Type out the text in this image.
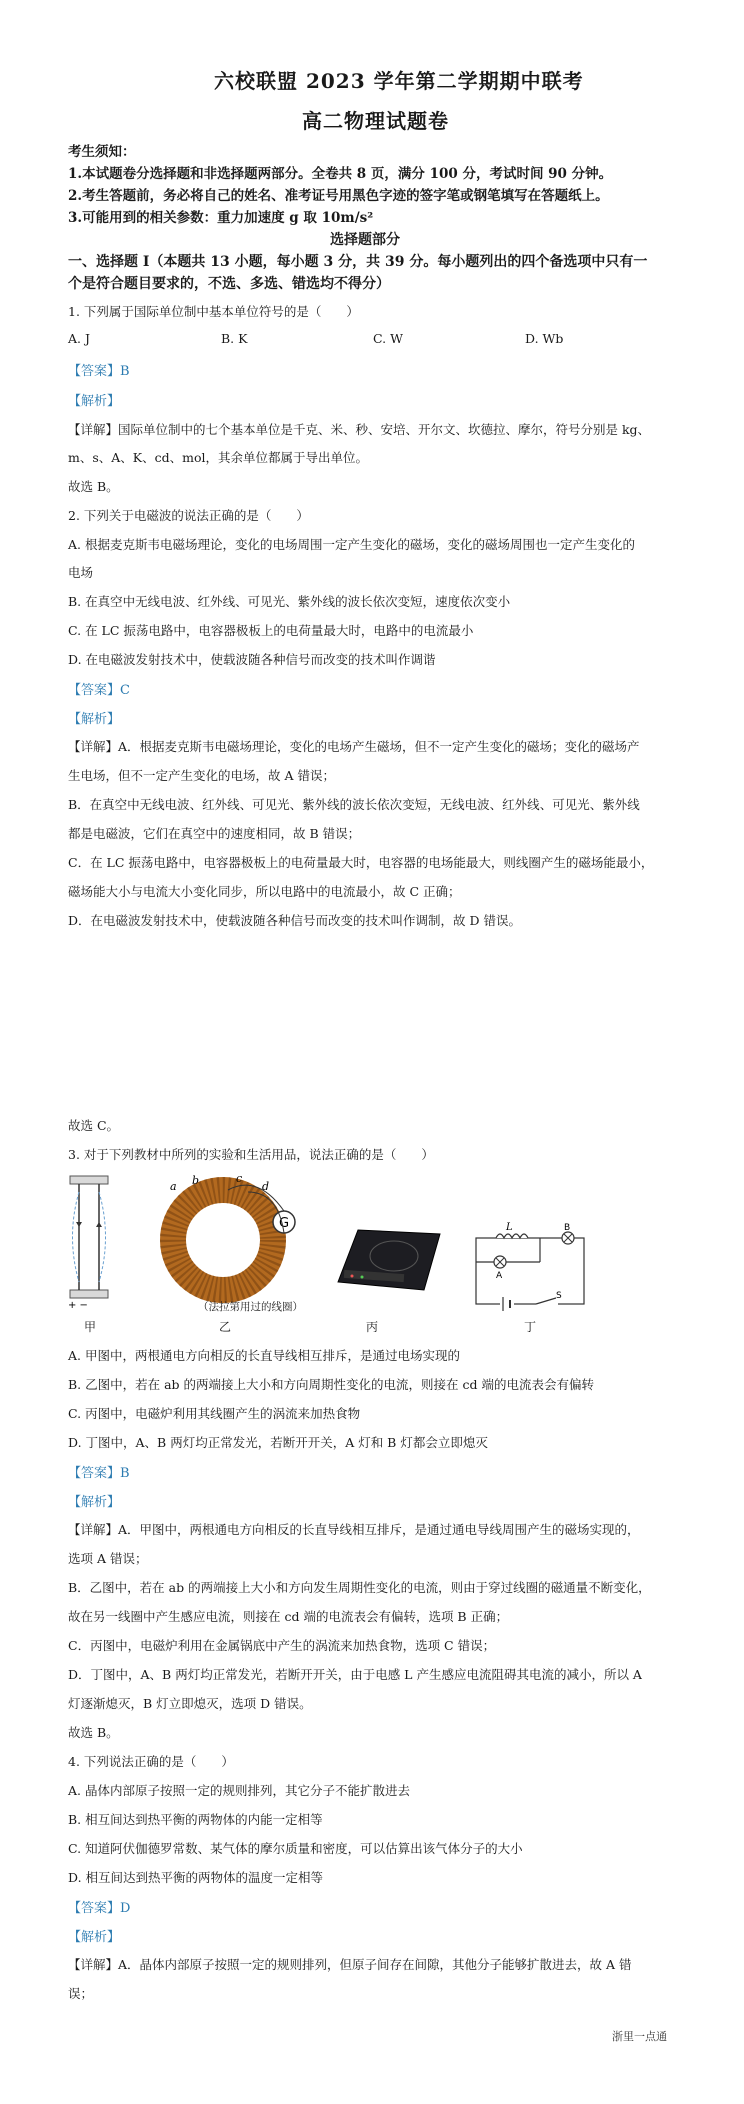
六校联盟 2023 学年第二学期期中联考
高二物理试题卷
考生须知：
1.本试题卷分选择题和非选择题两部分。全卷共 8 页，满分 100 分，考试时间 90 分钟。
2.考生答题前，务必将自己的姓名、准考证号用黑色字迹的签字笔或钢笔填写在答题纸上。
3.可能用到的相关参数：重力加速度 g 取 10m/s²
选择题部分
一、选择题 I（本题共 13 小题，每小题 3 分，共 39 分。每小题列出的四个备选项中只有一
个是符合题目要求的，不选、多选、错选均不得分）
1. 下列属于国际单位制中基本单位符号的是（　　）
A. J	B. K	C. W	D. Wb
【答案】B
【解析】
【详解】国际单位制中的七个基本单位是千克、米、秒、安培、开尔文、坎德拉、摩尔，符号分别是 kg、
m、s、A、K、cd、mol，其余单位都属于导出单位。
故选 B。
2. 下列关于电磁波的说法正确的是（　　）
A. 根据麦克斯韦电磁场理论，变化的电场周围一定产生变化的磁场，变化的磁场周围也一定产生变化的
电场
B. 在真空中无线电波、红外线、可见光、紫外线的波长依次变短，速度依次变小
C. 在 LC 振荡电路中，电容器极板上的电荷量最大时，电路中的电流最小
D. 在电磁波发射技术中，使载波随各种信号而改变的技术叫作调谐
【答案】C
【解析】
【详解】A．根据麦克斯韦电磁场理论，变化的电场产生磁场，但不一定产生变化的磁场；变化的磁场产
生电场，但不一定产生变化的电场，故 A 错误；
B．在真空中无线电波、红外线、可见光、紫外线的波长依次变短，无线电波、红外线、可见光、紫外线
都是电磁波，它们在真空中的速度相同，故 B 错误；
C．在 LC 振荡电路中，电容器极板上的电荷量最大时，电容器的电场能最大，则线圈产生的磁场能最小，
磁场能大小与电流大小变化同步，所以电路中的电流最小，故 C 正确；
D．在电磁波发射技术中，使载波随各种信号而改变的技术叫作调制，故 D 错误。
故选 C。
3. 对于下列教材中所列的实验和生活用品，说法正确的是（　　）
+ −
甲
G
a b	c
d
（法拉第用过的线圈）
乙	丙
L
A
B
S
丁
A. 甲图中，两根通电方向相反的长直导线相互排斥，是通过电场实现的
B. 乙图中，若在 ab 的两端接上大小和方向周期性变化的电流，则接在 cd 端的电流表会有偏转
C. 丙图中，电磁炉利用其线圈产生的涡流来加热食物
D. 丁图中，A、B 两灯均正常发光，若断开开关，A 灯和 B 灯都会立即熄灭
【答案】B
【解析】
【详解】A．甲图中，两根通电方向相反的长直导线相互排斥，是通过通电导线周围产生的磁场实现的，
选项 A 错误；
B．乙图中，若在 ab 的两端接上大小和方向发生周期性变化的电流，则由于穿过线圈的磁通量不断变化，
故在另一线圈中产生感应电流，则接在 cd 端的电流表会有偏转，选项 B 正确；
C．丙图中，电磁炉利用在金属锅底中产生的涡流来加热食物，选项 C 错误；
D．丁图中，A、B 两灯均正常发光，若断开开关，由于电感 L 产生感应电流阻碍其电流的减小，所以 A
灯逐渐熄灭，B 灯立即熄灭，选项 D 错误。
故选 B。
4. 下列说法正确的是（　　）
A. 晶体内部原子按照一定的规则排列，其它分子不能扩散进去
B. 相互间达到热平衡的两物体的内能一定相等
C. 知道阿伏伽德罗常数、某气体的摩尔质量和密度，可以估算出该气体分子的大小
D. 相互间达到热平衡的两物体的温度一定相等
【答案】D
【解析】
【详解】A．晶体内部原子按照一定的规则排列，但原子间存在间隙，其他分子能够扩散进去，故 A 错
误；
浙里一点通
